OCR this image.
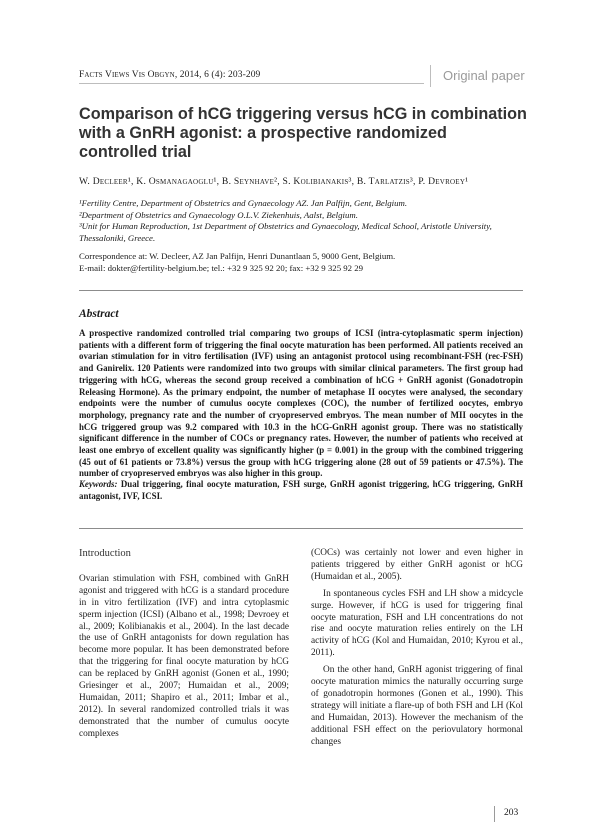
Facts Views Vis Obgyn, 2014, 6 (4): 203-209	Original paper
Comparison of hCG triggering versus hCG in combination with a GnRH agonist: a prospective randomized controlled trial
W. Decleer¹, K. Osmanagaoglu¹, B. Seynhave², S. Kolibianakis³, B. Tarlatzis³, P. Devroey¹
¹Fertility Centre, Department of Obstetrics and Gynaecology AZ. Jan Palfijn, Gent, Belgium.
²Department of Obstetrics and Gynaecology O.L.V. Ziekenhuis, Aalst, Belgium.
³Unit for Human Reproduction, 1st Department of Obstetrics and Gynaecology, Medical School, Aristotle University,
Thessaloniki, Greece.
Correspondence at: W. Decleer, AZ Jan Palfijn, Henri Dunantlaan 5, 9000 Gent, Belgium.
E-mail: dokter@fertility-belgium.be; tel.: +32 9 325 92 20; fax: +32 9 325 92 29
Abstract
A prospective randomized controlled trial comparing two groups of ICSI (intra-cytoplasmatic sperm injection) patients with a different form of triggering the final oocyte maturation has been performed. All patients received an ovarian stimulation for in vitro fertilisation (IVF) using an antagonist protocol using recombinant-FSH (rec-FSH) and Ganirelix. 120 Patients were randomized into two groups with similar clinical parameters. The first group had triggering with hCG, whereas the second group received a combination of hCG + GnRH agonist (Gonadotropin Releasing Hormone). As the primary endpoint, the number of metaphase II oocytes were analysed, the secondary endpoints were the number of cumulus oocyte complexes (COC), the number of fertilized oocytes, embryo morphology, pregnancy rate and the number of cryopreserved embryos. The mean number of MII oocytes in the hCG triggered group was 9.2 compared with 10.3 in the hCG-GnRH agonist group. There was no statistically significant difference in the number of COCs or pregnancy rates. However, the number of patients who received at least one embryo of excellent quality was significantly higher (p = 0.001) in the group with the combined triggering (45 out of 61 patients or 73.8%) versus the group with hCG triggering alone (28 out of 59 patients or 47.5%). The number of cryopreserved embryos was also higher in this group.
Keywords: Dual triggering, final oocyte maturation, FSH surge, GnRH agonist triggering, hCG triggering, GnRH antagonist, IVF, ICSI.
Introduction

Ovarian stimulation with FSH, combined with GnRH agonist and triggered with hCG is a standard procedure in in vitro fertilization (IVF) and intra cytoplasmic sperm injection (ICSI) (Albano et al., 1998; Devroey et al., 2009; Kolibianakis et al., 2004). In the last decade the use of GnRH antagonists for down regulation has become more popular. It has been demonstrated before that the triggering for final oocyte maturation by hCG can be replaced by GnRH agonist (Gonen et al., 1990; Griesinger et al., 2007; Humaidan et al., 2009; Humaidan, 2011; Shapiro et al., 2011; Imbar et al., 2012). In several randomized controlled trials it was demonstrated that the number of cumulus oocyte complexes

(COCs) was certainly not lower and even higher in patients triggered by either GnRH agonist or hCG (Humaidan et al., 2005).

In spontaneous cycles FSH and LH show a midcycle surge. However, if hCG is used for triggering final oocyte maturation, FSH and LH concentrations do not rise and oocyte maturation relies entirely on the LH activity of hCG (Kol and Humaidan, 2010; Kyrou et al., 2011).

On the other hand, GnRH agonist triggering of final oocyte maturation mimics the naturally occurring surge of gonadotropin hormones (Gonen et al., 1990). This strategy will initiate a flare-up of both FSH and LH (Kol and Humaidan, 2013). However the mechanism of the additional FSH effect on the periovulatory hormonal changes

203
